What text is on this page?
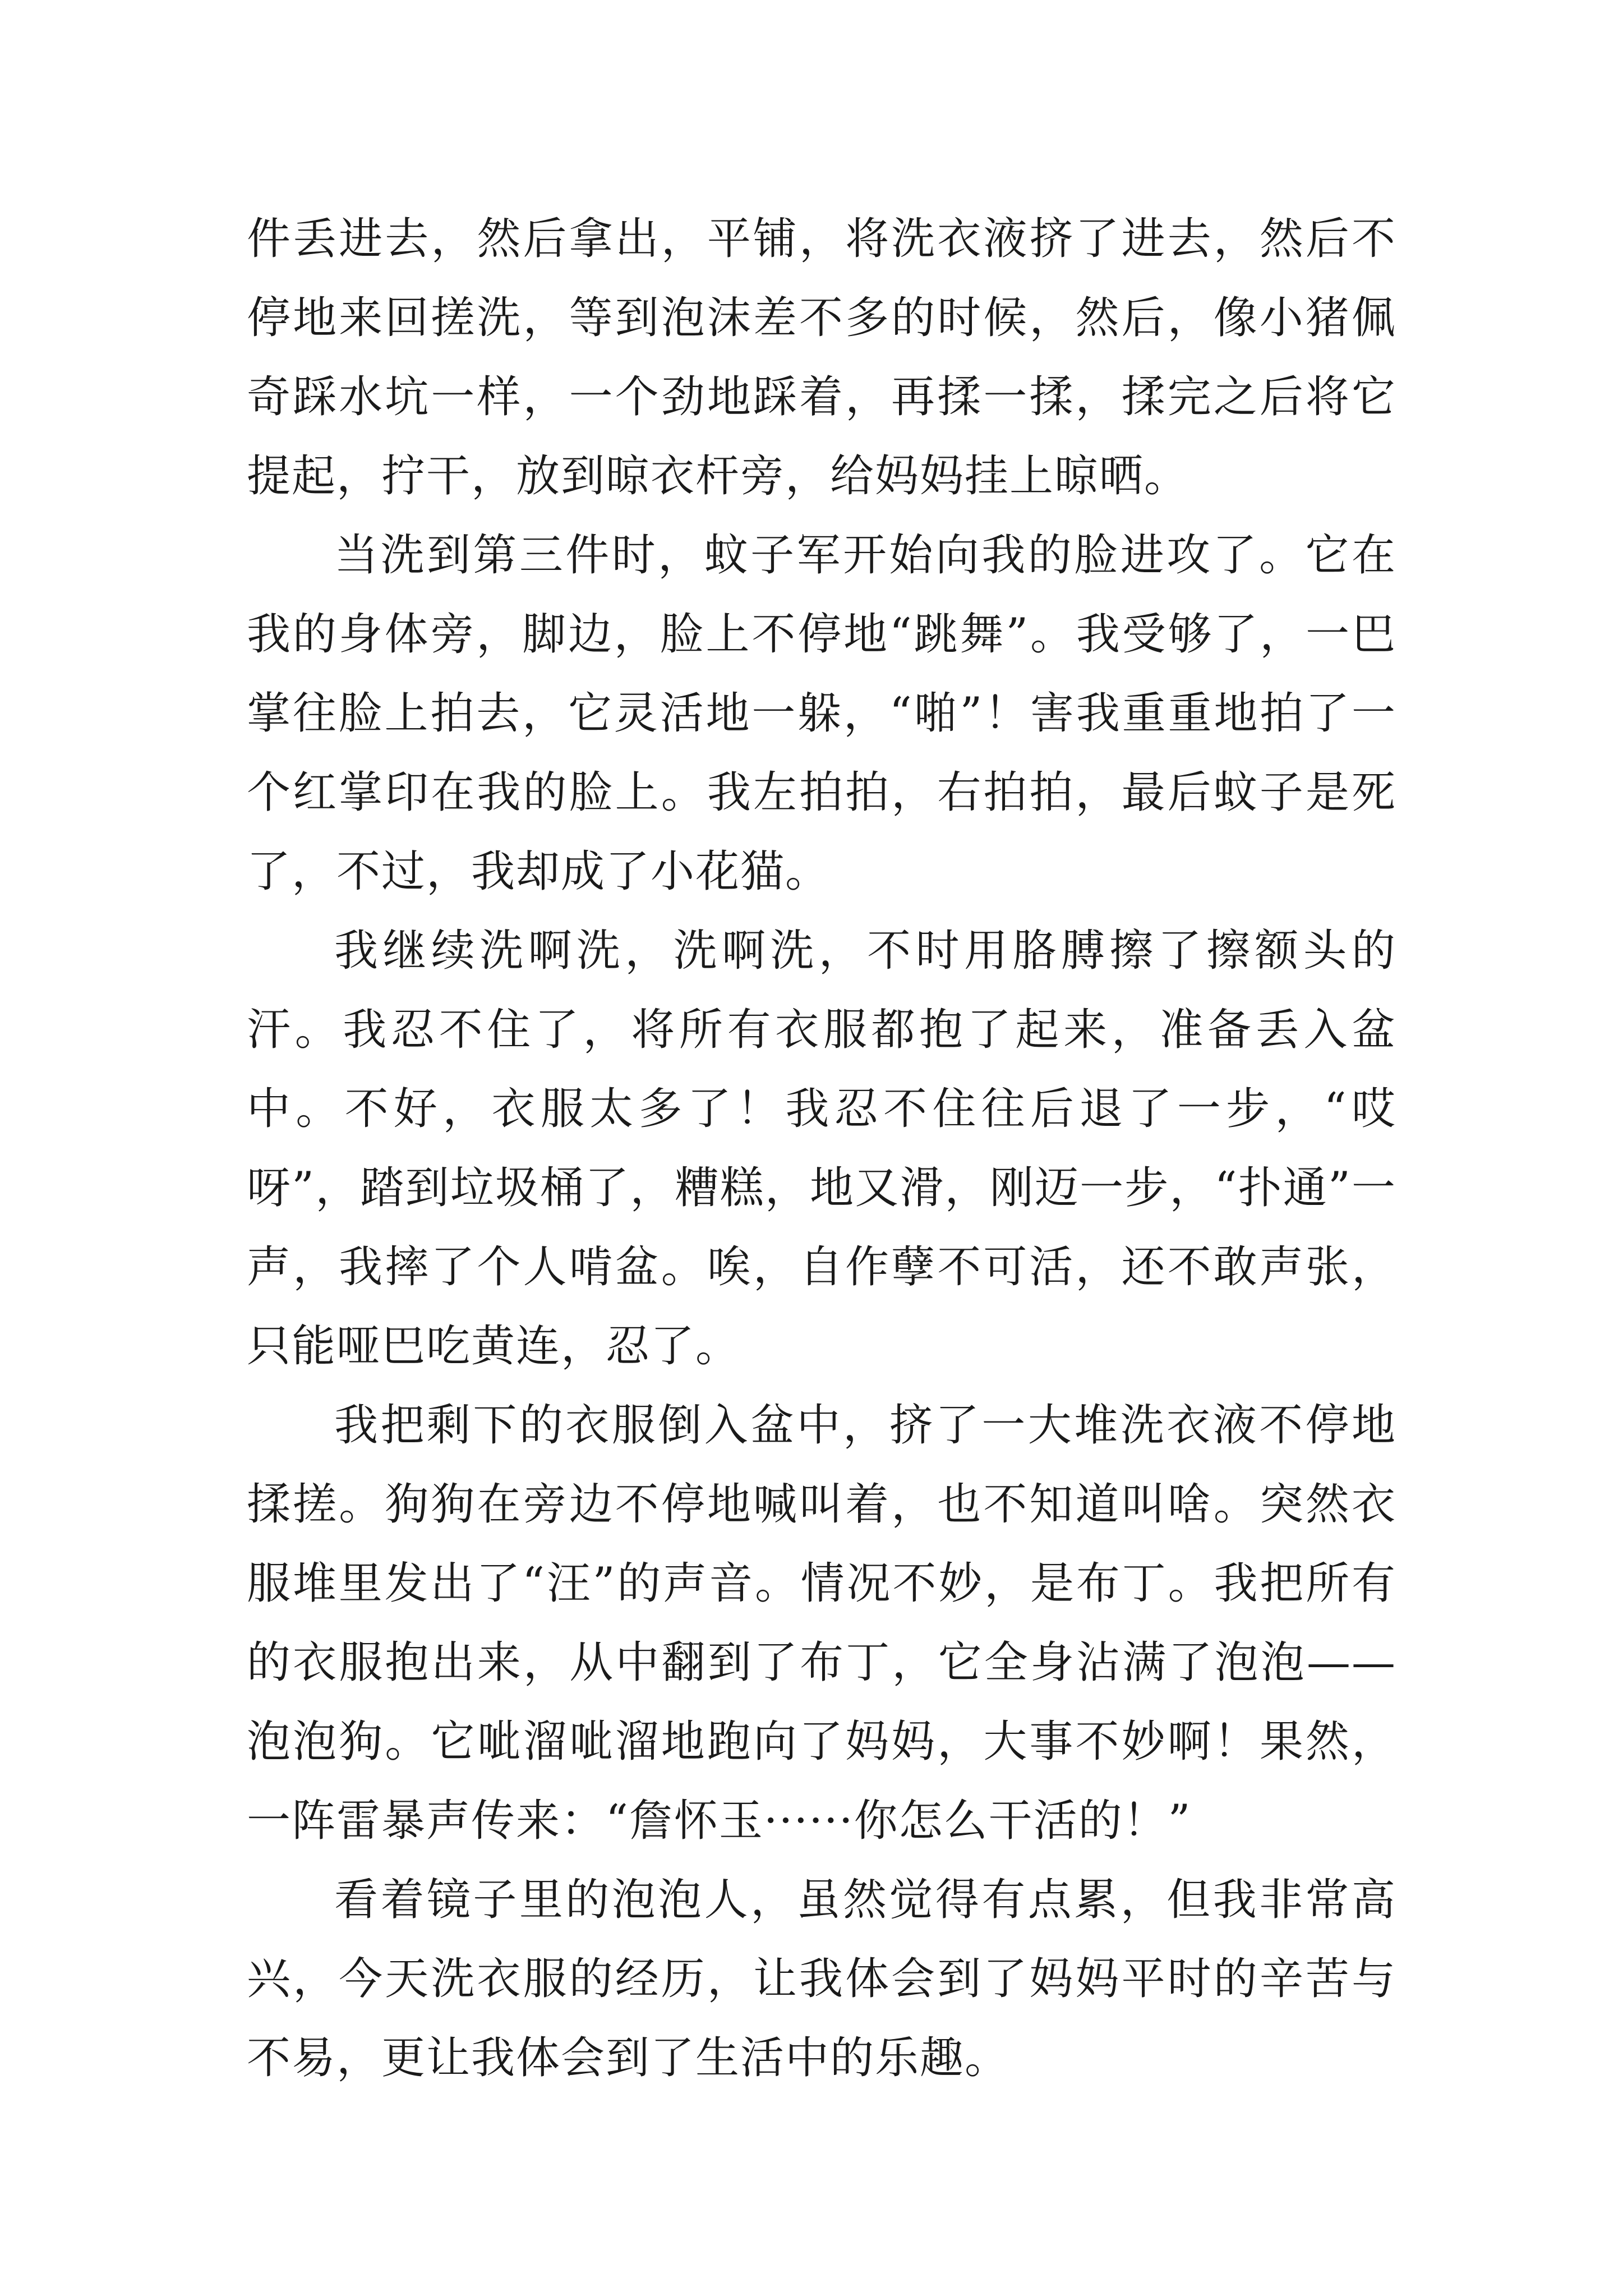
件丢进去，然后拿出，平铺，将洗衣液挤了进去，然后不停地来回搓洗，等到泡沫差不多的时候，然后，像小猪佩奇踩水坑一样，一个劲地踩着，再揉一揉，揉完之后将它提起，拧干，放到晾衣杆旁，给妈妈挂上晾晒。

当洗到第三件时，蚊子军开始向我的脸进攻了。它在我的身体旁，脚边，脸上不停地“跳舞”。我受够了，一巴掌往脸上拍去，它灵活地一躲，“啪”！害我重重地拍了一个红掌印在我的脸上。我左拍拍，右拍拍，最后蚊子是死了，不过，我却成了小花猫。

我继续洗啊洗，洗啊洗，不时用胳膊擦了擦额头的汗。我忍不住了，将所有衣服都抱了起来，准备丢入盆中。不好，衣服太多了！我忍不住往后退了一步，“哎呀”，踏到垃圾桶了，糟糕，地又滑，刚迈一步，“扑通”一声，我摔了个人啃盆。唉，自作孽不可活，还不敢声张，只能哑巴吃黄连，忍了。

我把剩下的衣服倒入盆中，挤了一大堆洗衣液不停地揉搓。狗狗在旁边不停地喊叫着，也不知道叫啥。突然衣服堆里发出了“汪”的声音。情况不妙，是布丁。我把所有的衣服抱出来，从中翻到了布丁，它全身沾满了泡泡——泡泡狗。它呲溜呲溜地跑向了妈妈，大事不妙啊！果然，一阵雷暴声传来：“詹怀玉······你怎么干活的！”

看着镜子里的泡泡人，虽然觉得有点累，但我非常高兴，今天洗衣服的经历，让我体会到了妈妈平时的辛苦与不易，更让我体会到了生活中的乐趣。
